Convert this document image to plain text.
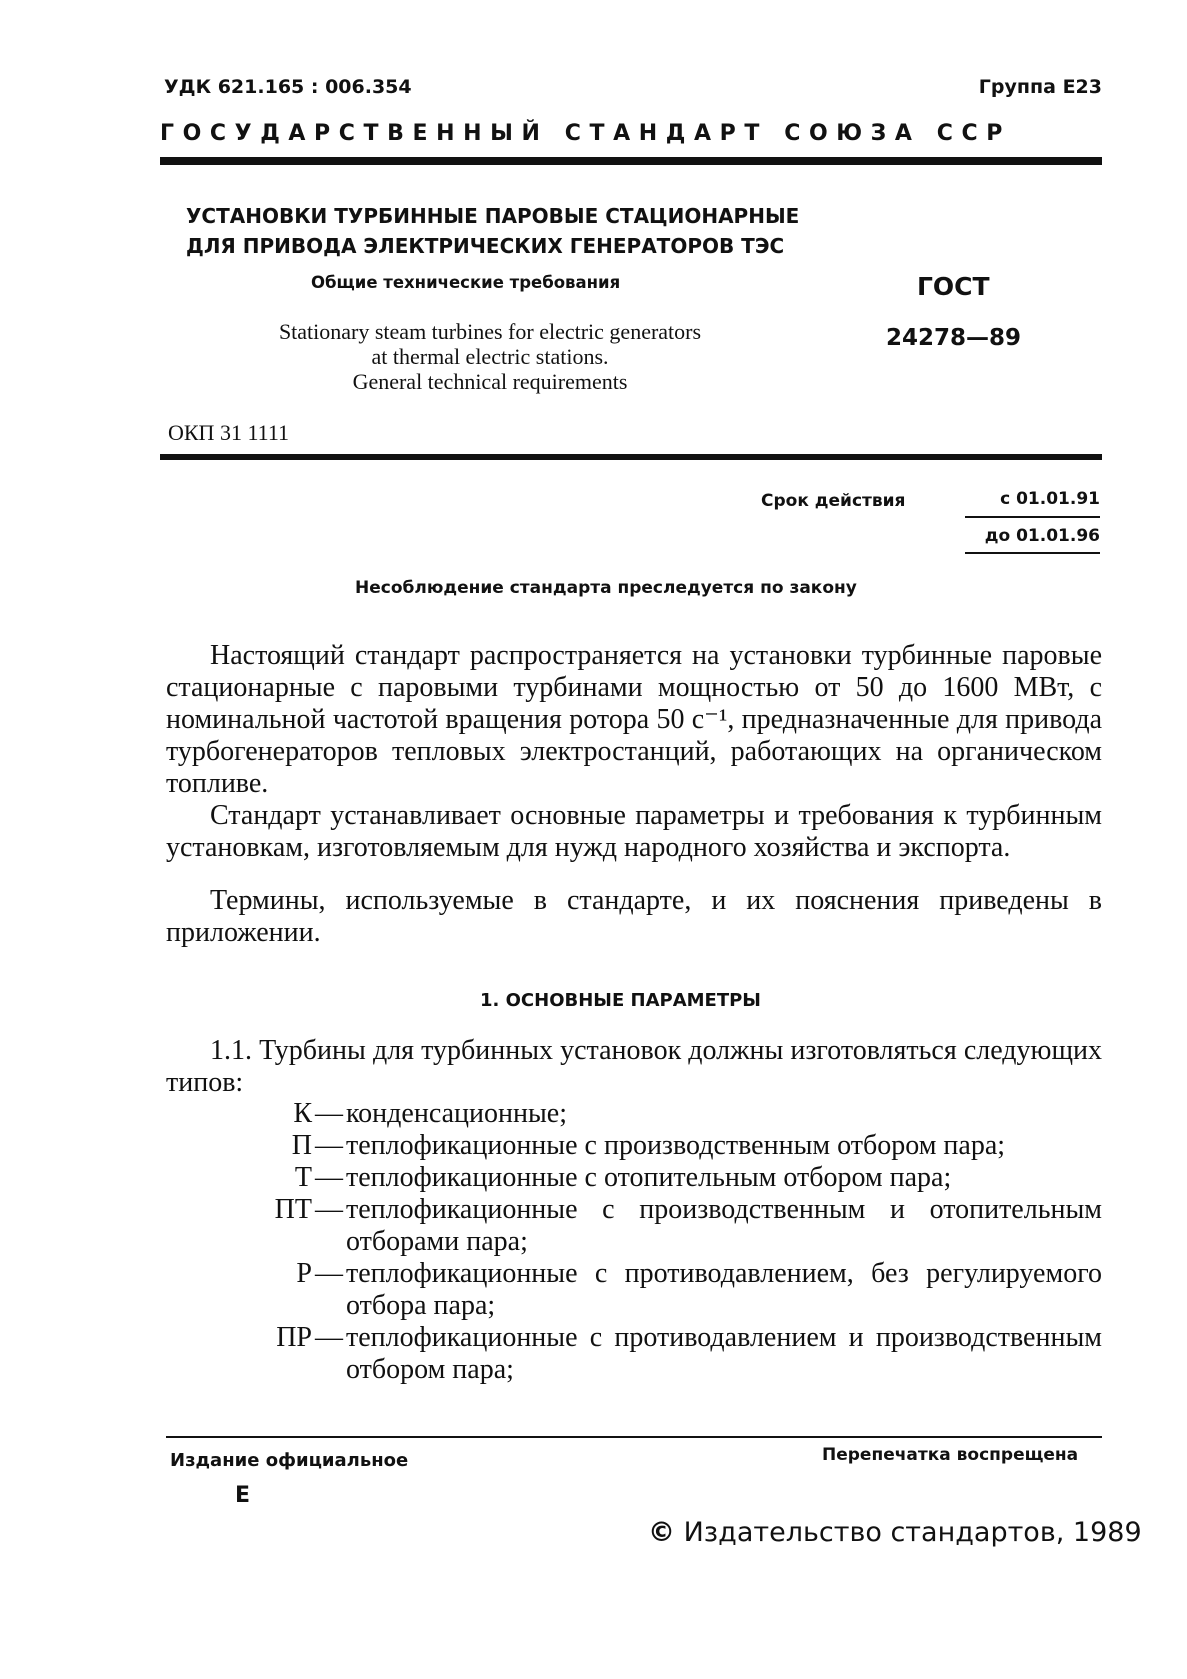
УДК 621.165 : 006.354	Группа Е23
ГОСУДАРСТВЕННЫЙ СТАНДАРТ СОЮЗА ССР
УСТАНОВКИ ТУРБИННЫЕ ПАРОВЫЕ СТАЦИОНАРНЫЕ
ДЛЯ ПРИВОДА ЭЛЕКТРИЧЕСКИХ ГЕНЕРАТОРОВ ТЭС
Общие технические требования	ГОСТ
24278—89
Stationary steam turbines for electric generators
at thermal electric stations.
General technical requirements
ОКП 31 1111
Срок действия	с 01.01.91
до 01.01.96
Несоблюдение стандарта преследуется по закону

Настоящий стандарт распространяется на установки турбинные паровые стационарные с паровыми турбинами мощностью от 50 до 1600 МВт, с номинальной частотой вращения ротора 50 с⁻¹, предназначенные для привода турбогенераторов тепловых электростанций, работающих на органическом топливе.

Стандарт устанавливает основные параметры и требования к турбинным установкам, изготовляемым для нужд народного хозяйства и экспорта.

Термины, используемые в стандарте, и их пояснения приведены в приложении.

1. ОСНОВНЫЕ ПАРАМЕТРЫ

1.1. Турбины для турбинных установок должны изготовляться следующих типов:

К — конденсационные;
П — теплофикационные с производственным отбором пара;
Т — теплофикационные с отопительным отбором пара;
ПТ — теплофикационные с производственным и отопительным отборами пара;
Р — теплофикационные с противодавлением, без регулируемого отбора пара;
ПР — теплофикационные с противодавлением и производственным отбором пара;
Издание официальное
Е
Перепечатка воспрещена
© Издательство стандартов, 1989
